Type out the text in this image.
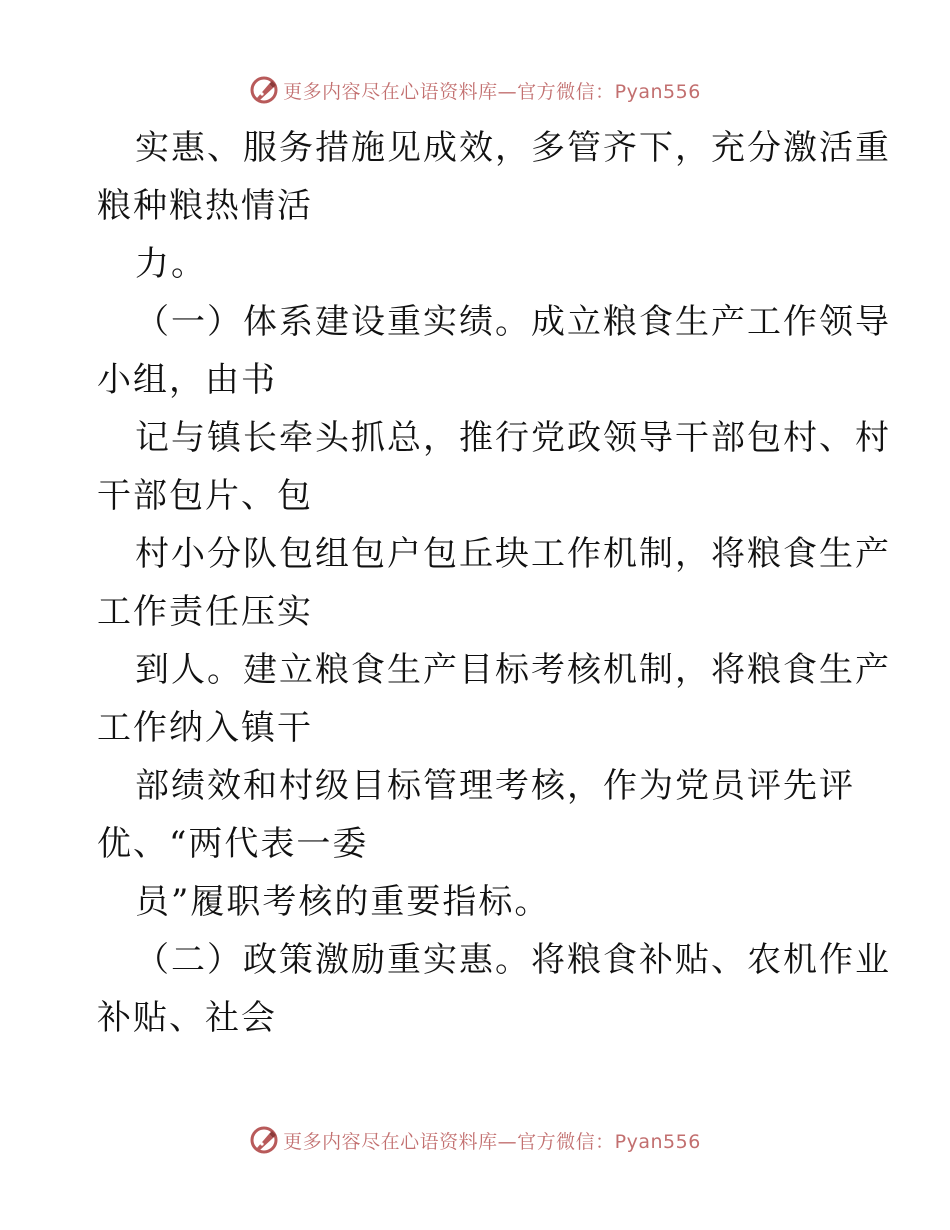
更多内容尽在心语资料库—官方微信：Pyan556
实惠、服务措施见成效，多管齐下，充分激活重
粮种粮热情活
力。
（一）体系建设重实绩。成立粮食生产工作领导
小组，由书
记与镇长牵头抓总，推行党政领导干部包村、村
干部包片、包
村小分队包组包户包丘块工作机制，将粮食生产
工作责任压实
到人。建立粮食生产目标考核机制，将粮食生产
工作纳入镇干
部绩效和村级目标管理考核，作为党员评先评
优、“两代表一委
员”履职考核的重要指标。
（二）政策激励重实惠。将粮食补贴、农机作业
补贴、社会
更多内容尽在心语资料库—官方微信：Pyan556
